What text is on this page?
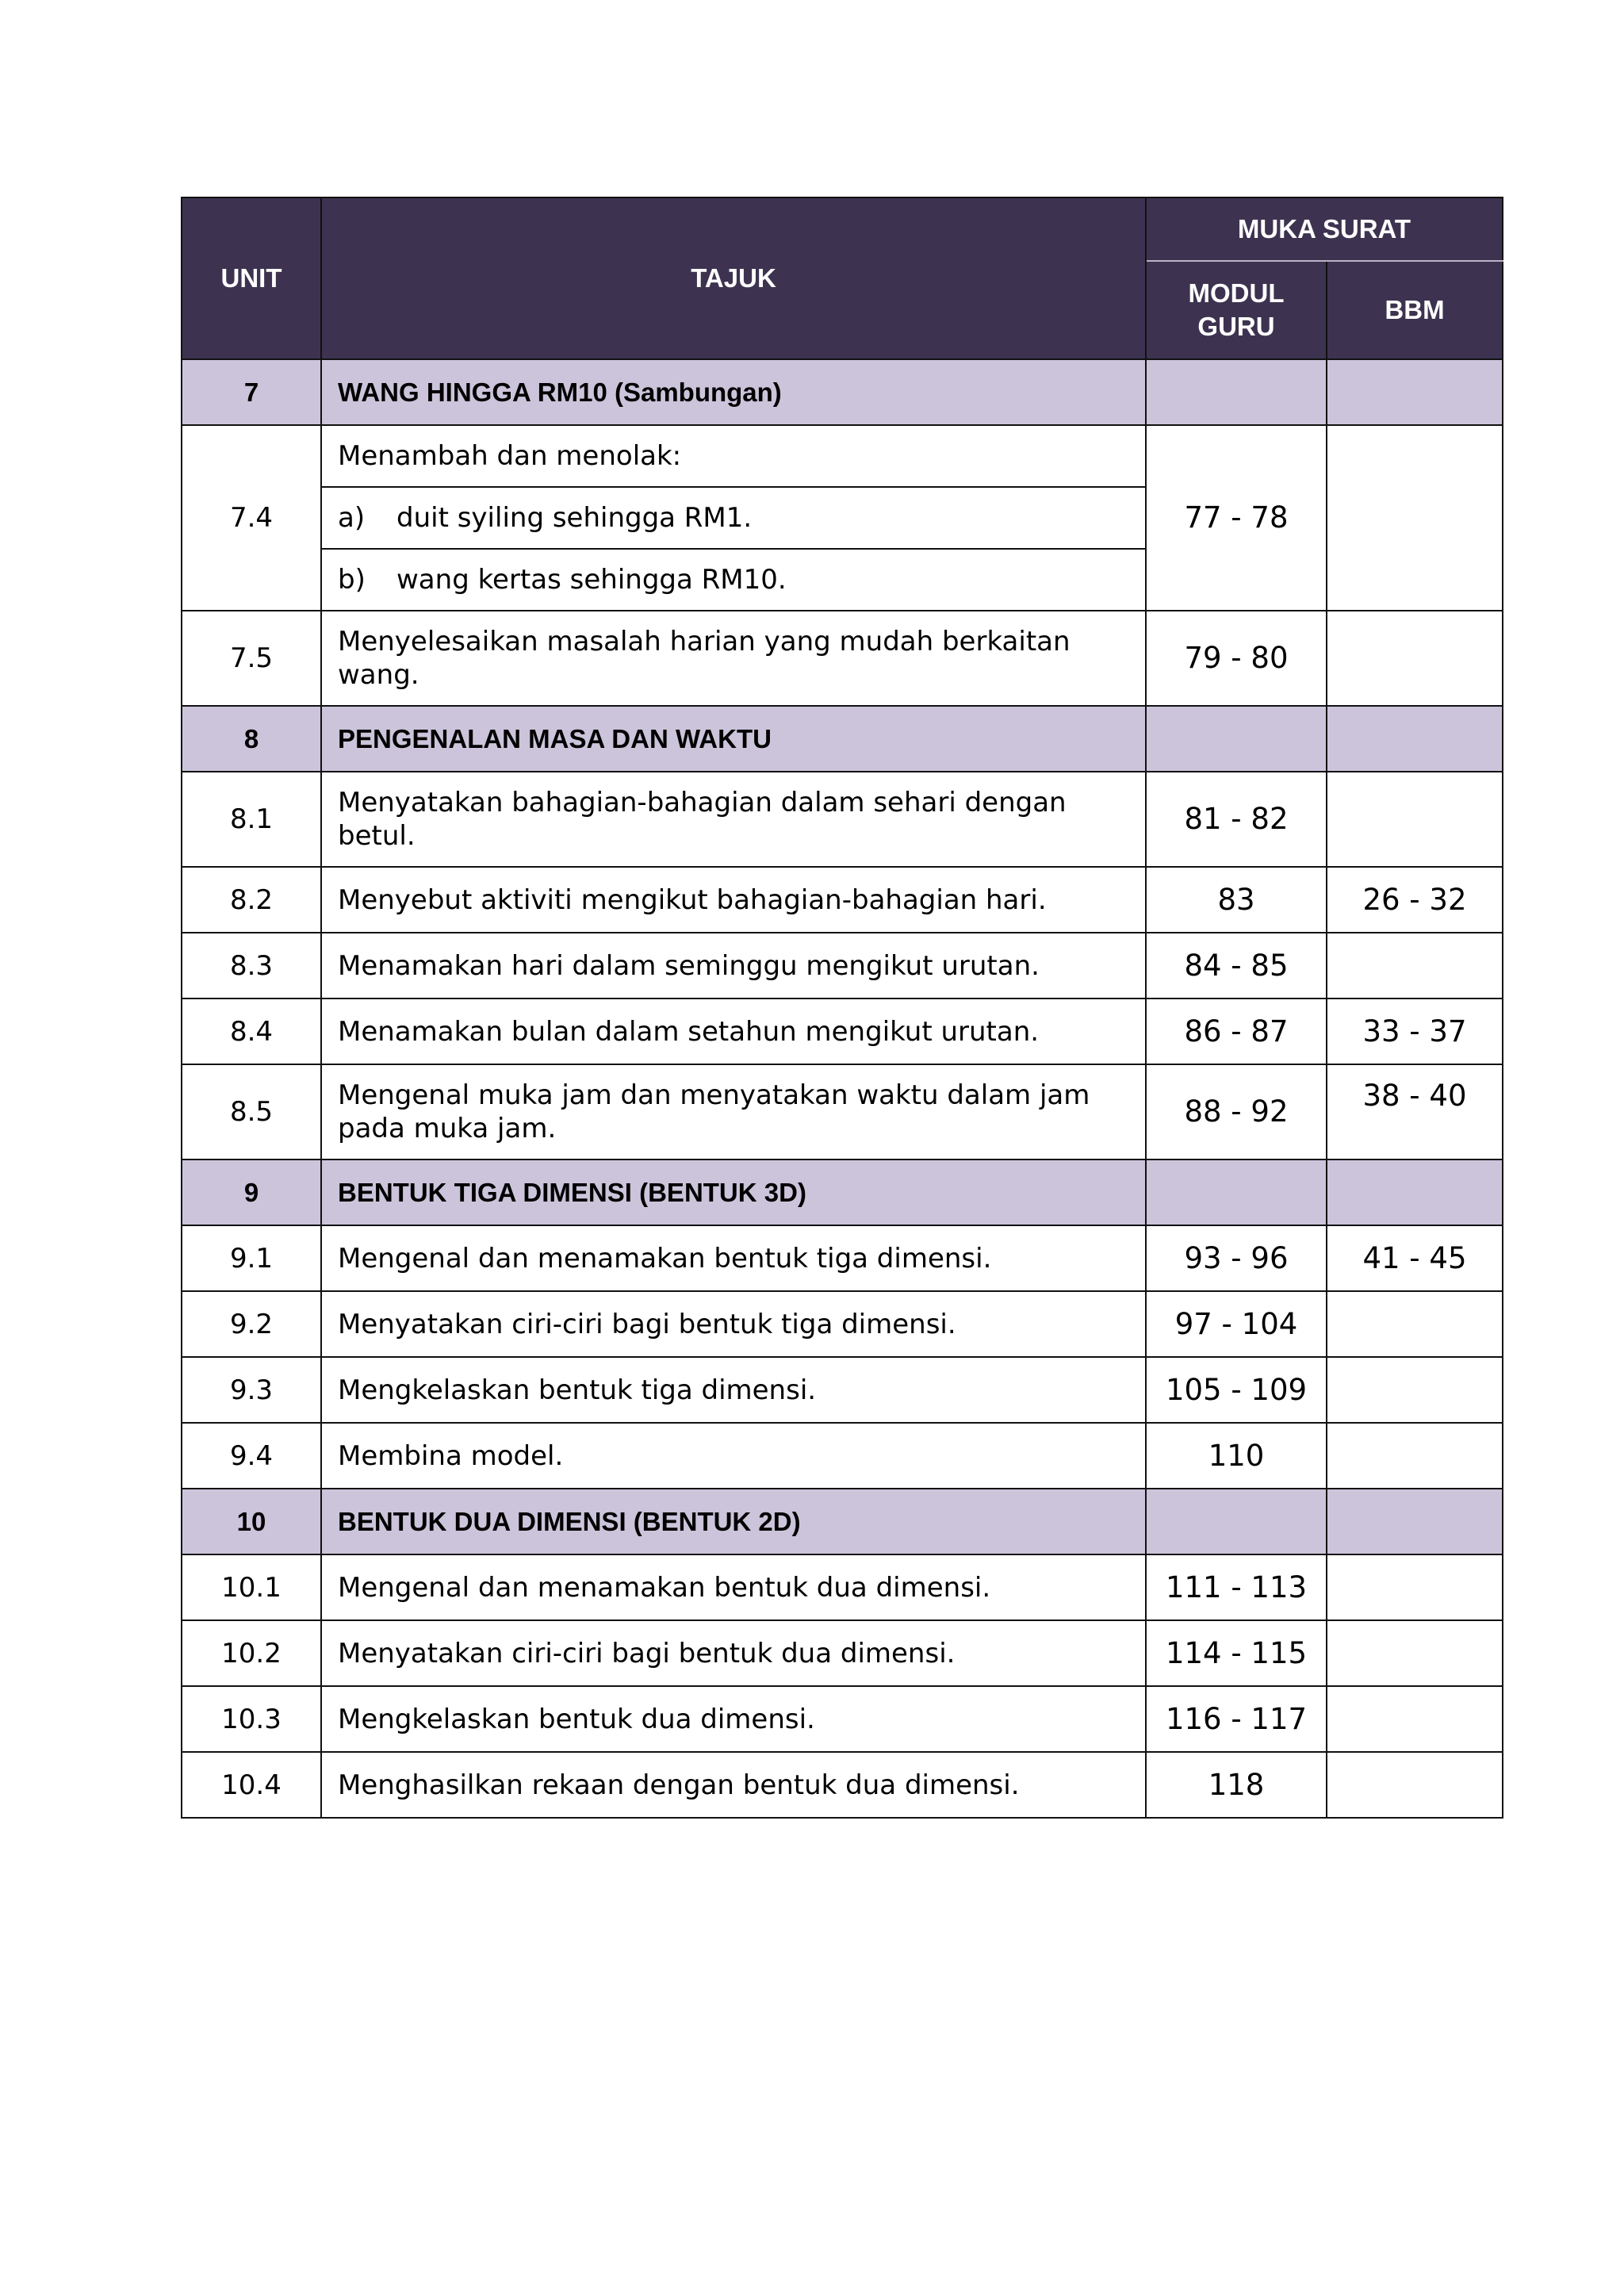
UNIT	TAJUK	MUKA SURAT	
		MODUL GURU	BBM
7	WANG HINGGA RM10 (Sambungan)		
7.4	Menambah dan menolak:	77 - 78	
	a) duit syiling sehingga RM1.		
	b) wang kertas sehingga RM10.		
7.5	Menyelesaikan masalah harian yang mudah berkaitan wang.	79 - 80	
8	PENGENALAN MASA DAN WAKTU		
8.1	Menyatakan bahagian-bahagian dalam sehari dengan betul.	81 - 82	
8.2	Menyebut aktiviti mengikut bahagian-bahagian hari.	83	26 - 32
8.3	Menamakan hari dalam seminggu mengikut urutan.	84 - 85	
8.4	Menamakan bulan dalam setahun mengikut urutan.	86 - 87	33 - 37
8.5	Mengenal muka jam dan menyatakan waktu dalam jam pada muka jam.	88 - 92	38 - 40
9	BENTUK TIGA DIMENSI (BENTUK 3D)		
9.1	Mengenal dan menamakan bentuk tiga dimensi.	93 - 96	41 - 45
9.2	Menyatakan ciri-ciri bagi bentuk tiga dimensi.	97 - 104	
9.3	Mengkelaskan bentuk tiga dimensi.	105 - 109	
9.4	Membina model.	110	
10	BENTUK DUA DIMENSI (BENTUK 2D)		
10.1	Mengenal dan menamakan bentuk dua dimensi.	111 - 113	
10.2	Menyatakan ciri-ciri bagi bentuk dua dimensi.	114 - 115	
10.3	Mengkelaskan bentuk dua dimensi.	116 - 117	
10.4	Menghasilkan rekaan dengan bentuk dua dimensi.	118	
